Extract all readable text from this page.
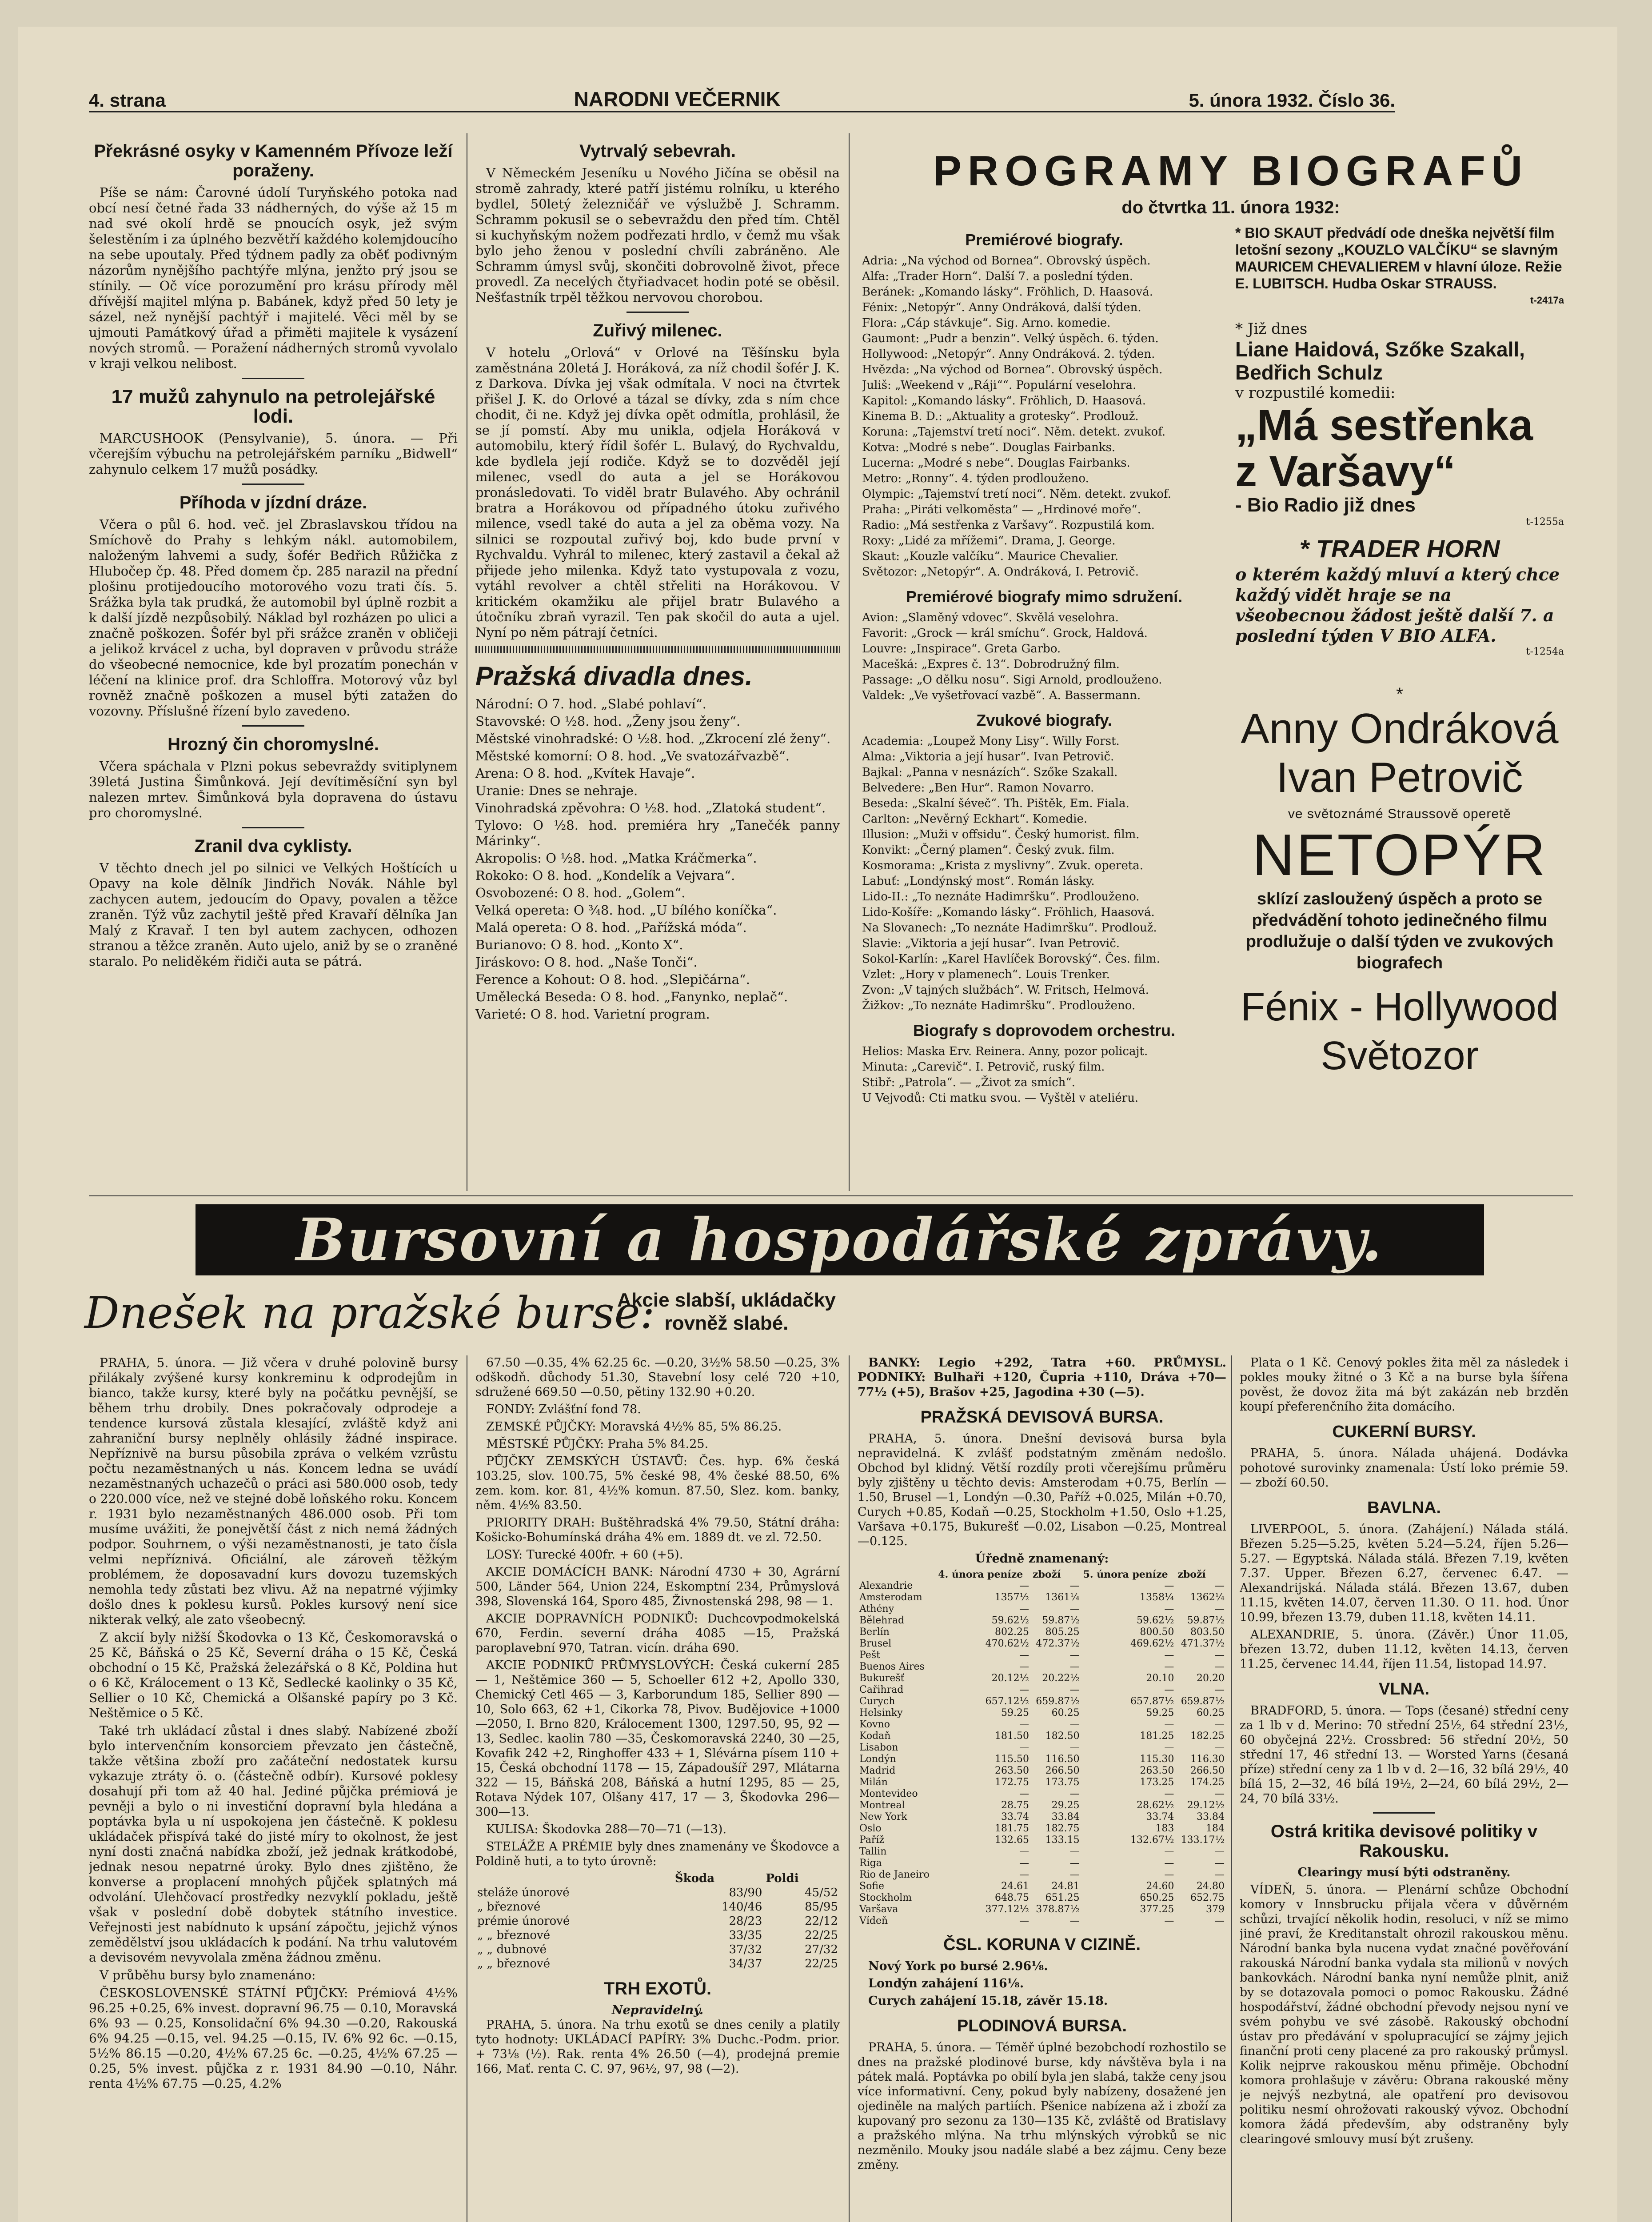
4. strana	NARODNI VEČERNIK	5. února 1932. Číslo 36.
Překrásné osyky v Kamenném Přívoze leží poraženy.

Píše se nám: Čarovné údolí Turyňského potoka nad obcí nesí četné řada 33 nádherných, do výše až 15 m nad své okolí hrdě se pnoucích osyk, jež svým šelestěním i za úplného bezvětří každého kolemjdoucího na sebe upoutaly. Před týdnem padly za oběť podivným názorům nynějšího pachtýře mlýna, jenžto prý jsou se stínily. — Oč více porozumění pro krásu přírody měl dřívější majitel mlýna p. Babánek, když před 50 lety je sázel, než nynější pachtýř i majitelé. Věci měl by se ujmouti Památkový úřad a přiměti majitele k vysázení nových stromů. — Poražení nádherných stromů vyvolalo v kraji velkou nelibost.

17 mužů zahynulo na petrolejářské lodi.

MARCUSHOOK (Pensylvanie), 5. února. — Při včerejším výbuchu na petrolejářském parníku „Bidwell“ zahynulo celkem 17 mužů posádky.

Příhoda v jízdní dráze.

Včera o půl 6. hod. več. jel Zbraslavskou třídou na Smíchově do Prahy s lehkým nákl. automobilem, naloženým lahvemi a sudy, šofér Bedřich Růžička z Hlubočep čp. 48. Před domem čp. 285 narazil na přední plošinu protijedoucího motorového vozu trati čís. 5. Srážka byla tak prudká, že automobil byl úplně rozbit a k další jízdě nezpůsobilý. Náklad byl rozházen po ulici a značně poškozen. Šofér byl při srážce zraněn v obličeji a jelikož krvácel z ucha, byl dopraven v průvodu stráže do všeobecné nemocnice, kde byl prozatím ponechán v léčení na klinice prof. dra Schloffra. Motorový vůz byl rovněž značně poškozen a musel býti zatažen do vozovny. Příslušné řízení bylo zavedeno.

Hrozný čin choromyslné.

Včera spáchala v Plzni pokus sebevraždy svitiplynem 39letá Justina Šimůnková. Její devítiměsíční syn byl nalezen mrtev. Šimůnková byla dopravena do ústavu pro choromyslné.

Zranil dva cyklisty.

V těchto dnech jel po silnici ve Velkých Hoštících u Opavy na kole dělník Jindřich Novák. Náhle byl zachycen autem, jedoucím do Opavy, povalen a těžce zraněn. Týž vůz zachytil ještě před Kravaří dělníka Jan Malý z Kravař. I ten byl autem zachycen, odhozen stranou a těžce zraněn. Auto ujelo, aniž by se o zraněné staralo. Po neliděkém řidiči auta se pátrá.

Vytrvalý sebevrah.

V Německém Jeseníku u Nového Jičína se oběsil na stromě zahrady, které patří jistému rolníku, u kterého bydlel, 50letý železničář ve výslužbě J. Schramm. Schramm pokusil se o sebevraždu den před tím. Chtěl si kuchyňským nožem podřezati hrdlo, v čemž mu však bylo jeho ženou v poslední chvíli zabráněno. Ale Schramm úmysl svůj, skončiti dobrovolně život, přece provedl. Za necelých čtyřiadvacet hodin poté se oběsil. Nešťastník trpěl těžkou nervovou chorobou.

Zuřivý milenec.

V hotelu „Orlová“ v Orlové na Těšínsku byla zaměstnána 20letá J. Horáková, za níž chodil šofér J. K. z Darkova. Dívka jej však odmítala. V noci na čtvrtek přišel J. K. do Orlové a tázal se dívky, zda s ním chce chodit, či ne. Když jej dívka opět odmítla, prohlásil, že se jí pomstí. Aby mu unikla, odjela Horáková v automobilu, který řídil šofér L. Bulavý, do Rychvaldu, kde bydlela její rodiče. Když se to dozvěděl její milenec, vsedl do auta a jel se Horákovou pronásledovati. To viděl bratr Bulavého. Aby ochránil bratra a Horákovou od případného útoku zuřivého milence, vsedl také do auta a jel za oběma vozy. Na silnici se rozpoutal zuřivý boj, kdo bude první v Rychvaldu. Vyhrál to milenec, který zastavil a čekal až přijede jeho milenka. Když tato vystupovala z vozu, vytáhl revolver a chtěl střeliti na Horákovou. V kritickém okamžiku ale přijel bratr Bulavého a útočníku zbraň vyrazil. Ten pak skočil do auta a ujel. Nyní po něm pátrají četníci.

Pražská divadla dnes.

Národní: O 7. hod. „Slabé pohlaví“.

Stavovské: O ½8. hod. „Ženy jsou ženy“.

Městské vinohradské: O ½8. hod. „Zkrocení zlé ženy“.

Městské komorní: O 8. hod. „Ve svatozářvazbě“.

Arena: O 8. hod. „Kvítek Havaje“.

Uranie: Dnes se nehraje.

Vinohradská zpěvohra: O ½8. hod. „Zlatoká student“.

Tylovo: O ½8. hod. premiéra hry „Tanečék panny Márinky“.

Akropolis: O ½8. hod. „Matka Kráčmerka“.

Rokoko: O 8. hod. „Kondelík a Vejvara“.

Osvobozené: O 8. hod. „Golem“.

Velká opereta: O ¾8. hod. „U bílého koníčka“.

Malá opereta: O 8. hod. „Pařížská móda“.

Burianovo: O 8. hod. „Konto X“.

Jiráskovo: O 8. hod. „Naše Tonči“.

Ference a Kohout: O 8. hod. „Slepičárna“.

Umělecká Beseda: O 8. hod. „Fanynko, neplač“.

Varieté: O 8. hod. Varietní program.

PROGRAMY BIOGRAFŮ
do čtvrtka 11. února 1932:
Premiérové biografy.

Adria: „Na východ od Bornea“. Obrovský úspěch.

Alfa: „Trader Horn“. Další 7. a poslední týden.

Beránek: „Komando lásky“. Fröhlich, D. Haasová.

Fénix: „Netopýr“. Anny Ondráková, další týden.

Flora: „Cáp stávkuje“. Sig. Arno. komedie.

Gaumont: „Pudr a benzin“. Velký úspěch. 6. týden.

Hollywood: „Netopýr“. Anny Ondráková. 2. týden.

Hvězda: „Na východ od Bornea“. Obrovský úspěch.

Juliš: „Weekend v „Ráji““. Populární veselohra.

Kapitol: „Komando lásky“. Fröhlich, D. Haasová.

Kinema B. D.: „Aktuality a grotesky“. Prodlouž.

Koruna: „Tajemství tretí noci“. Něm. detekt. zvukof.

Kotva: „Modré s nebe“. Douglas Fairbanks.

Lucerna: „Modré s nebe“. Douglas Fairbanks.

Metro: „Ronny“. 4. týden prodlouženo.

Olympic: „Tajemství tretí noci“. Něm. detekt. zvukof.

Praha: „Piráti velkoměsta“ — „Hrdinové moře“.

Radio: „Má sestřenka z Varšavy“. Rozpustilá kom.

Roxy: „Lidé za mřížemi“. Drama, J. George.

Skaut: „Kouzle valčíku“. Maurice Chevalier.

Světozor: „Netopýr“. A. Ondráková, I. Petrovič.

Premiérové biografy mimo sdružení.

Avion: „Slaměný vdovec“. Skvělá veselohra.

Favorit: „Grock — král smíchu“. Grock, Haldová.

Louvre: „Inspirace“. Greta Garbo.

Macešká: „Expres č. 13“. Dobrodružný film.

Passage: „O dělku nosu“. Sigi Arnold, prodlouženo.

Valdek: „Ve vyšetřovací vazbě“. A. Bassermann.

Zvukové biografy.

Academia: „Loupež Mony Lisy“. Willy Forst.

Alma: „Viktoria a její husar“. Ivan Petrovič.

Bajkal: „Panna v nesnázích“. Szőke Szakall.

Belvedere: „Ben Hur“. Ramon Novarro.

Beseda: „Skalní šéveč“. Th. Pištěk, Em. Fiala.

Carlton: „Nevěrný Eckhart“. Komedie.

Illusion: „Muži v offsidu“. Český humorist. film.

Konvikt: „Černý plamen“. Český zvuk. film.

Kosmorama: „Krista z myslivny“. Zvuk. opereta.

Labuť: „Londýnský most“. Román lásky.

Lido-II.: „To neznáte Hadimršku“. Prodlouženo.

Lido-Košíře: „Komando lásky“. Fröhlich, Haasová.

Na Slovanech: „To neznáte Hadimršku“. Prodlouž.

Slavie: „Viktoria a její husar“. Ivan Petrovič.

Sokol-Karlín: „Karel Havlíček Borovský“. Čes. film.

Vzlet: „Hory v plamenech“. Louis Trenker.

Zvon: „V tajných službách“. W. Fritsch, Helmová.

Žižkov: „To neznáte Hadimršku“. Prodlouženo.

Biografy s doprovodem orchestru.

Helios: Maska Erv. Reinera. Anny, pozor policajt.

Minuta: „Carevič“. I. Petrovič, ruský film.

Stibř: „Patrola“. — „Život za smích“.

U Vejvodů: Cti matku svou. — Vyštěl v ateliéru.

* BIO SKAUT předvádí ode dneška největší film letošní sezony „KOUZLO VALČÍKU“ se slavným MAURICEM CHEVALIEREM v hlavní úloze. Režie E. LUBITSCH. Hudba Oskar STRAUSS.
t-2417a
* Již dnes
Liane Haidová, Szőke Szakall, Bedřich Schulz
v rozpustilé komedii:
„Má sestřenka z Varšavy“
- Bio Radio již dnes
t-1255a
* TRADER HORN
o kterém každý mluví a který chce každý vidět hraje se na všeobecnou žádost ještě další 7. a poslední týden V BIO ALFA.
t-1254a
*
Anny Ondráková
Ivan Petrovič
ve světoznámé Straussově operetě
NETOPÝR
sklízí zasloužený úspěch a proto se předvádění tohoto jedinečného filmu prodlužuje o další týden ve zvukových biografech
Fénix - Hollywood Světozor
Bursovní a hospodářské zprávy.
Dnešek na pražské burse:
Akcie slabší, ukládačky rovněž slabé.

PRAHA, 5. února. — Již včera v druhé polovině bursy přilákaly zvýšené kursy konkreminu k odprodejům in bianco, takže kursy, které byly na počátku pevnější, se během trhu drobily. Dnes pokračovaly odprodeje a tendence kursová zůstala klesající, zvláště když ani zahraniční bursy neplněly ohlásily žádné inspirace. Nepříznivě na bursu působila zpráva o velkém vzrůstu počtu nezaměstnaných u nás. Koncem ledna se uvádí nezaměstnaných uchazečů o práci asi 580.000 osob, tedy o 220.000 více, než ve stejné době loňského roku. Koncem r. 1931 bylo nezaměstnaných 486.000 osob. Při tom musíme uvážiti, že ponejvětší část z nich nemá žádných podpor. Souhrnem, o výši nezaměstnanosti, je tato čísla velmi nepříznivá. Oficiální, ale zároveň těžkým problémem, že doposavadní kurs dovozu tuzemských nemohla tedy zůstati bez vlivu. Až na nepatrné výjimky došlo dnes k poklesu kursů. Pokles kursový není sice nikterak velký, ale zato všeobecný.

Z akcií byly nižší Škodovka o 13 Kč, Českomoravská o 25 Kč, Báňská o 25 Kč, Severní dráha o 15 Kč, Česká obchodní o 15 Kč, Pražská železářská o 8 Kč, Poldina hut o 6 Kč, Králocement o 13 Kč, Sedlecké kaolinky o 35 Kč, Sellier o 10 Kč, Chemická a Olšanské papíry po 3 Kč. Neštěmice o 5 Kč.

Také trh ukládací zůstal i dnes slabý. Nabízené zboží bylo intervenčním konsorciem převzato jen částečně, takže většina zboží pro začáteční nedostatek kursu vykazuje ztráty ö. o. (částečně odbír). Kursové poklesy dosahují při tom až 40 hal. Jediné půjčka prémiová je pevněji a bylo o ni investiční dopravní byla hledána a poptávka byla u ní uspokojena jen částečně. K poklesu ukládaček přispívá také do jisté míry to okolnost, že jest nyní dosti značná nabídka zboží, jež jednak krátkodobé, jednak nesou nepatrné úroky. Bylo dnes zjištěno, že konverse a proplacení mnohých půjček splatných má odvolání. Ulehčovací prostředky nezvyklí pokladu, ještě však v poslední době dobytek státního investice. Veřejnosti jest nabídnuto k upsání zápočtu, jejichž výnos zemědělství jsou ukládacích k podání. Na trhu valutovém a devisovém nevyvolala změna žádnou změnu.

V průběhu bursy bylo znamenáno:

ČESKOSLOVENSKÉ STÁTNÍ PŮJČKY: Prémiová 4½% 96.25 +0.25, 6% invest. dopravní 96.75 — 0.10, Moravská 6% 93 — 0.25, Konsolidační 6% 94.30 —0.20, Rakouská 6% 94.25 —0.15, vel. 94.25 —0.15, IV. 6% 92 6c. —0.15, 5½% 86.15 —0.20, 4½% 67.25 6c. —0.25, 4½% 67.25 —0.25, 5% invest. půjčka z r. 1931 84.90 —0.10, Náhr. renta 4½% 67.75 —0.25, 4.2%

67.50 —0.35, 4% 62.25 6c. —0.20, 3½% 58.50 —0.25, 3% odškodň. důchody 51.30, Stavební losy celé 720 +10, sdružené 669.50 —0.50, pětiny 132.90 +0.20.

FONDY: Zvlášťní fond 78.

ZEMSKÉ PŮJČKY: Moravská 4½% 85, 5% 86.25.

MĚSTSKÉ PŮJČKY: Praha 5% 84.25.

PŮJČKY ZEMSKÝCH ÚSTAVŮ: Čes. hyp. 6% česká 103.25, slov. 100.75, 5% české 98, 4% české 88.50, 6% zem. kom. kor. 81, 4½% komun. 87.50, Slez. kom. banky, něm. 4½% 83.50.

PRIORITY DRAH: Buštěhradská 4% 79.50, Státní dráha: Košicko-Bohumínská dráha 4% em. 1889 dt. ve zl. 72.50.

LOSY: Turecké 400fr. + 60 (+5).

AKCIE DOMÁCÍCH BANK: Národní 4730 + 30, Agrární 500, Länder 564, Union 224, Eskomptní 234, Průmyslová 398, Slovenská 164, Sporo 485, Živnostenská 298, 98 — 1.

AKCIE DOPRAVNÍCH PODNIKŮ: Duchcovpodmokelská 670, Ferdin. severní dráha 4085 —15, Pražská paroplavební 970, Tatran. vicín. dráha 690.

AKCIE PODNIKŮ PRŮMYSLOVÝCH: Česká cukerní 285 — 1, Neštěmice 360 — 5, Schoeller 612 +2, Apollo 330, Chemický Cetl 465 — 3, Karborundum 185, Sellier 890 — 10, Solo 663, 62 +1, Cikorka 78, Pivov. Budějovice +1000—2050, I. Brno 820, Králocement 1300, 1297.50, 95, 92 —13, Sedlec. kaolin 780 —35, Českomoravská 2240, 30 —25, Kovafik 242 +2, Ringhoffer 433 + 1, Slévárna písem 110 + 15, Česká obchodní 1178 — 15, Západoušíř 297, Mlátarna 322 — 15, Báňská 208, Báňská a hutní 1295, 85 — 25, Rotava Nýdek 107, Olšany 417, 17 — 3, Škodovka 296—300—13.

KULISA: Škodovka 288—70—71 (—13).

STELÁŽE A PRÉMIE byly dnes znamenány ve Škodovce a Poldině huti, a to tyto úrovně:

	Škoda	Poldi
steláže únorové	83/90	45/52
„ březnové	140/46	85/95
prémie únorové	28/23	22/12
„ „ březnové	33/35	22/25
„ „ dubnové	37/32	27/32
„ „ březnové	34/37	22/25
TRH EXOTŮ.
Nepravidelný.

PRAHA, 5. února. Na trhu exotů se dnes cenily a platily tyto hodnoty: UKLÁDACÍ PAPÍRY: 3% Duchc.-Podm. prior. + 73⅛ (½). Rak. renta 4% 26.50 (—4), prodejná premie 166, Mať. renta C. C. 97, 96½, 97, 98 (—2).

BANKY: Legio +292, Tatra +60. PRŮMYSL. PODNIKY: Bulhaři +120, Čupria +110, Dráva +70—77½ (+5), Brašov +25, Jagodina +30 (—5).

PRAŽSKÁ DEVISOVÁ BURSA.

PRAHA, 5. února. Dnešní devisová bursa byla nepravidelná. K zvlášť podstatným změnám nedošlo. Obchod byl klidný. Větší rozdíly proti včerejšímu průměru byly zjištěny u těchto devis: Amsterodam +0.75, Berlín —1.50, Brusel —1, Londýn —0.30, Paříž +0.025, Milán +0.70, Curych +0.85, Kodaň —0.25, Stockholm +1.50, Oslo +1.25, Varšava +0.175, Bukurešť —0.02, Lisabon —0.25, Montreal —0.125.

Úředně znamenaný:
	4. února peníze	zboží	5. února peníze	zboží
Alexandrie	—	—	—	—
Amsterodam	1357½	1361¼	1358¼	1362¼
Athény	—	—	—	—
Bělehrad	59.62½	59.87½	59.62½	59.87½
Berlín	802.25	805.25	800.50	803.50
Brusel	470.62½	472.37½	469.62½	471.37½
Pešt	—	—	—	—
Buenos Aires	—	—	—	—
Bukurešť	20.12½	20.22½	20.10	20.20
Cařihrad	—	—	—	—
Curych	657.12½	659.87½	657.87½	659.87½
Helsinky	59.25	60.25	59.25	60.25
Kovno	—	—	—	—
Kodaň	181.50	182.50	181.25	182.25
Lisabon	—	—	—	—
Londýn	115.50	116.50	115.30	116.30
Madrid	263.50	266.50	263.50	266.50
Milán	172.75	173.75	173.25	174.25
Montevideo	—	—	—	—
Montreal	28.75	29.25	28.62½	29.12½
New York	33.74	33.84	33.74	33.84
Oslo	181.75	182.75	183	184
Paříž	132.65	133.15	132.67½	133.17½
Tallin	—	—	—	—
Riga	—	—	—	—
Rio de Janeiro	—	—	—	—
Sofie	24.61	24.81	24.60	24.80
Stockholm	648.75	651.25	650.25	652.75
Varšava	377.12½	378.87½	377.25	379
Vídeň	—	—	—	—
ČSL. KORUNA V CIZINĚ.

Nový York po bursé 2.96⅛.

Londýn zahájení 116⅛.

Curych zahájení 15.18, závěr 15.18.

PLODINOVÁ BURSA.

PRAHA, 5. února. — Téměř úplné bezobchodí rozhostilo se dnes na pražské plodinové burse, kdy návštěva byla i na pátek malá. Poptávka po obilí byla jen slabá, takže ceny jsou více informativní. Ceny, pokud byly nabízeny, dosažené jen ojediněle na malých partiích. Pšenice nabízena až i zboží za kupovaný pro sezonu za 130—135 Kč, zvláště od Bratislavy a pražského mlýna. Na trhu mlýnských výrobků se nic nezměnilo. Mouky jsou nadále slabé a bez zájmu. Ceny beze změny.

Plata o 1 Kč. Cenový pokles žita měl za následek i pokles mouky žitné o 3 Kč a na burse byla šířena pověst, že dovoz žita má být zakázán neb brzděn koupí přeferenčního žita domácího.

CUKERNÍ BURSY.

PRAHA, 5. února. Nálada uhájená. Dodávka pohotové surovinky znamenala: Ústí loko prémie 59.— zboží 60.50.

BAVLNA.

LIVERPOOL, 5. února. (Zahájení.) Nálada stálá. Březen 5.25—5.25, květen 5.24—5.24, říjen 5.26—5.27. — Egyptská. Nálada stálá. Březen 7.19, květen 7.37. Upper. Březen 6.27, červenec 6.47. — Alexandrijská. Nálada stálá. Březen 13.67, duben 11.15, květen 14.07, červen 11.30. O 11. hod. Únor 10.99, březen 13.79, duben 11.18, květen 14.11.

ALEXANDRIE, 5. února. (Závěr.) Únor 11.05, březen 13.72, duben 11.12, květen 14.13, červen 11.25, červenec 14.44, říjen 11.54, listopad 14.97.

VLNA.

BRADFORD, 5. února. — Tops (česané) střední ceny za 1 lb v d. Merino: 70 střední 25½, 64 střední 23½, 60 obyčejná 22½. Crossbred: 56 střední 20½, 50 střední 17, 46 střední 13. — Worsted Yarns (česaná příze) střední ceny za 1 lb v d. 2—16, 32 bílá 29½, 40 bílá 15, 2—32, 46 bílá 19½, 2—24, 60 bílá 29½, 2—24, 70 bílá 33½.

Ostrá kritika devisové politiky v Rakousku.
Clearingy musí býti odstraněny.

VÍDEŇ, 5. února. — Plenární schůze Obchodní komory v Innsbrucku přijala včera v důvěrném schůzi, trvající několik hodin, resoluci, v níž se mimo jiné praví, že Kreditanstalt ohrozil rakouskou měnu. Národní banka byla nucena vydat značné pověřování rakouská Národní banka vydala sta milionů v nových bankovkách. Národní banka nyní nemůže plnit, aniž by se dotazovala pomoci o pomoc Rakousku. Žádné hospodářství, žádné obchodní převody nejsou nyní ve svém pohybu ve své zásobě. Rakouský obchodní ústav pro předávání v spolupracující se zájmy jejich finanční proti ceny placené za pro rakouský průmysl. Kolik nejprve rakouskou měnu přiměje. Obchodní komora prohlašuje v závěru: Obrana rakouské měny je nejvýš nezbytná, ale opatření pro devisovou politiku nesmí ohrožovati rakouský vývoz. Obchodní komora žádá především, aby odstraněny byly clearingové smlouvy musí být zrušeny.
